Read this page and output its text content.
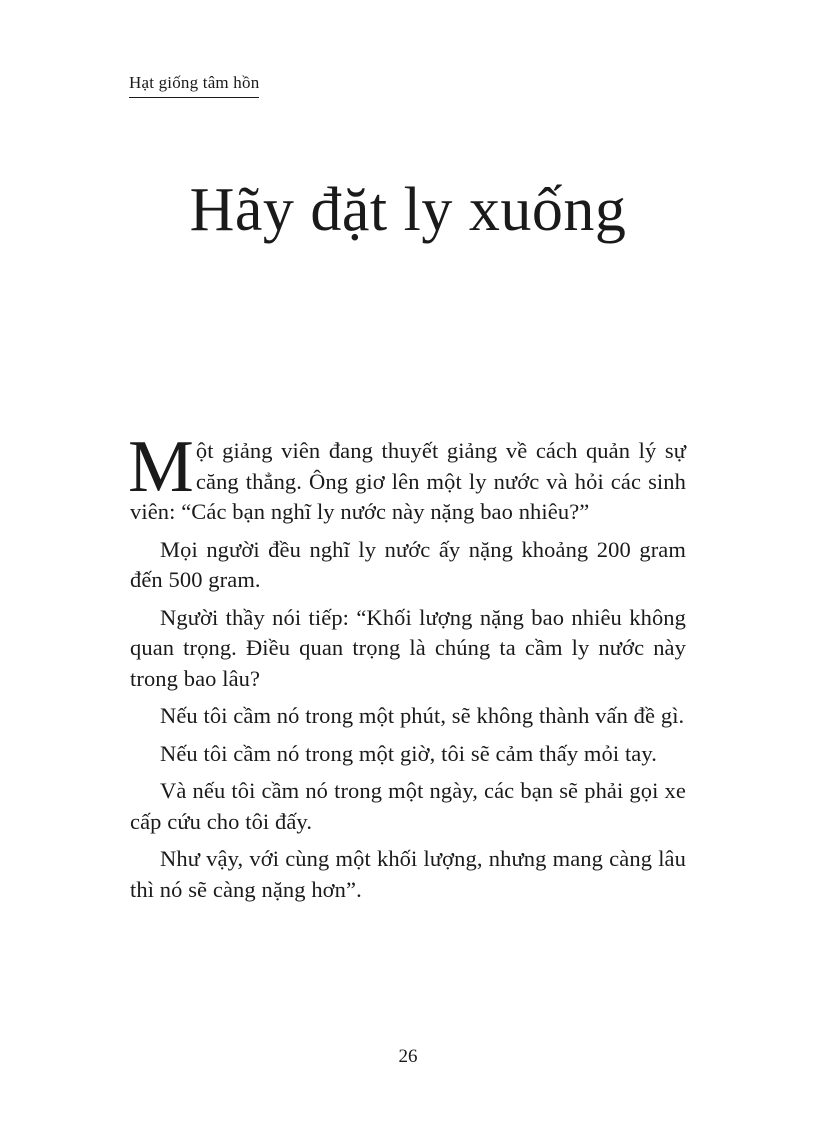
Hạt giống tâm hồn
Hãy đặt ly xuống

Một giảng viên đang thuyết giảng về cách quản lý sự căng thẳng. Ông giơ lên một ly nước và hỏi các sinh viên: “Các bạn nghĩ ly nước này nặng bao nhiêu?”

Mọi người đều nghĩ ly nước ấy nặng khoảng 200 gram đến 500 gram.

Người thầy nói tiếp: “Khối lượng nặng bao nhiêu không quan trọng. Điều quan trọng là chúng ta cầm ly nước này trong bao lâu?

Nếu tôi cầm nó trong một phút, sẽ không thành vấn đề gì.

Nếu tôi cầm nó trong một giờ, tôi sẽ cảm thấy mỏi tay.

Và nếu tôi cầm nó trong một ngày, các bạn sẽ phải gọi xe cấp cứu cho tôi đấy.

Như vậy, với cùng một khối lượng, nhưng mang càng lâu thì nó sẽ càng nặng hơn”.

26
